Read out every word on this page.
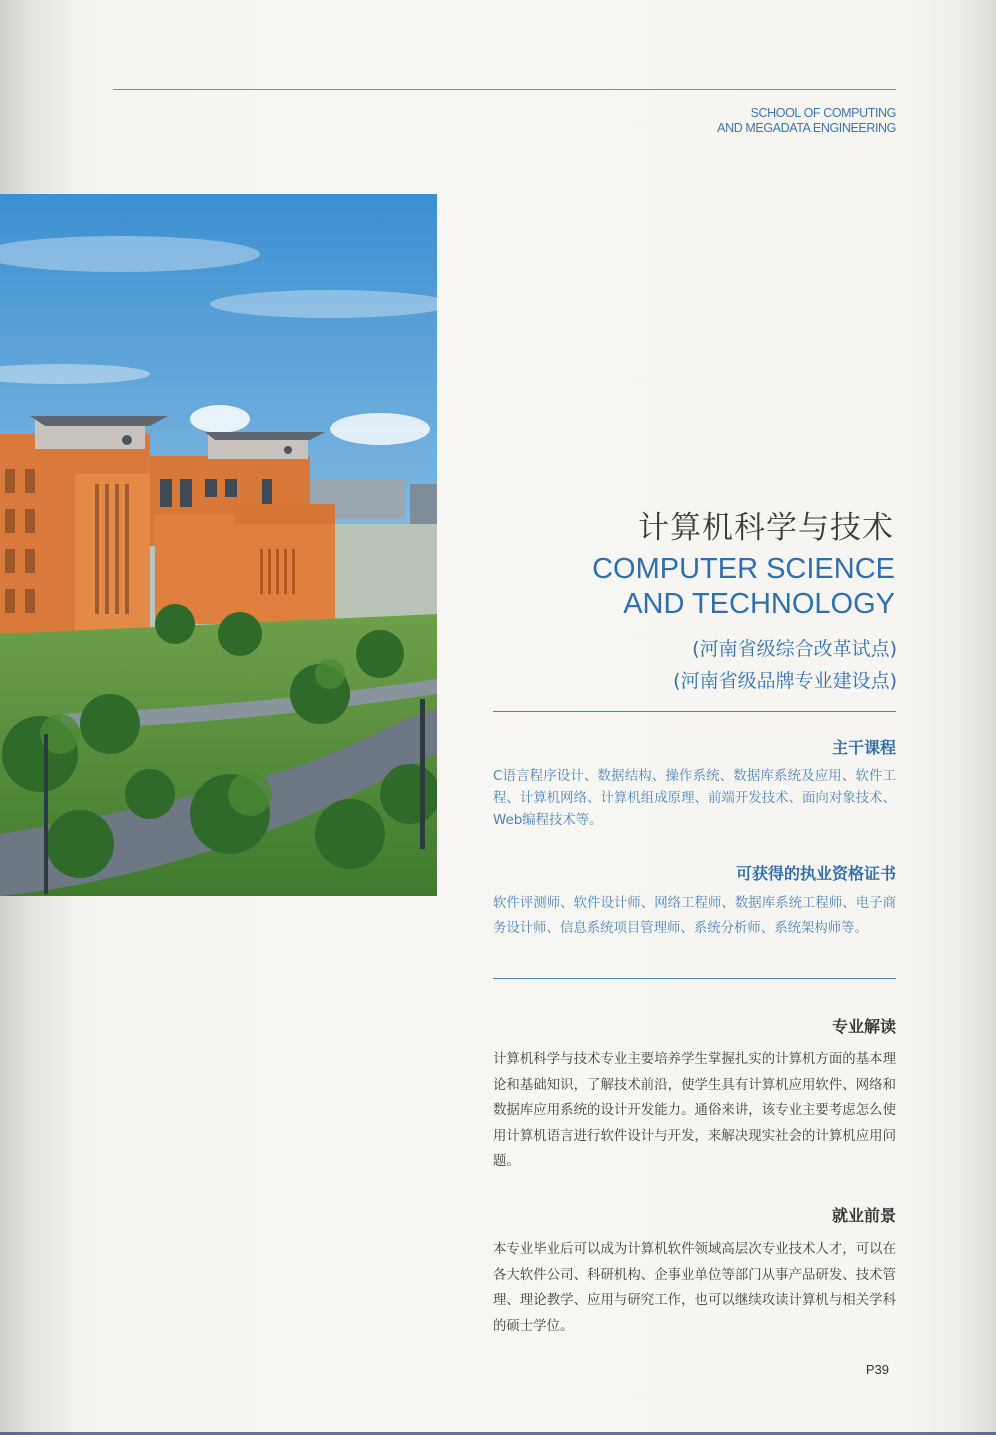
SCHOOL OF COMPUTING
AND MEGADATA ENGINEERING
计算机科学与技术
COMPUTER SCIENCE
AND TECHNOLOGY
(河南省级综合改革试点)
(河南省级品牌专业建设点)
主干课程
C语言程序设计、数据结构、操作系统、数据库系统及应用、软件工程、计算机网络、计算机组成原理、前端开发技术、面向对象技术、Web编程技术等。
可获得的执业资格证书
软件评测师、软件设计师、网络工程师、数据库系统工程师、电子商务设计师、信息系统项目管理师、系统分析师、系统架构师等。
专业解读
计算机科学与技术专业主要培养学生掌握扎实的计算机方面的基本理论和基础知识，了解技术前沿，使学生具有计算机应用软件、网络和数据库应用系统的设计开发能力。通俗来讲，该专业主要考虑怎么使用计算机语言进行软件设计与开发，来解决现实社会的计算机应用问题。
就业前景
本专业毕业后可以成为计算机软件领域高层次专业技术人才，可以在各大软件公司、科研机构、企事业单位等部门从事产品研发、技术管理、理论教学、应用与研究工作，也可以继续攻读计算机与相关学科的硕士学位。
P39
